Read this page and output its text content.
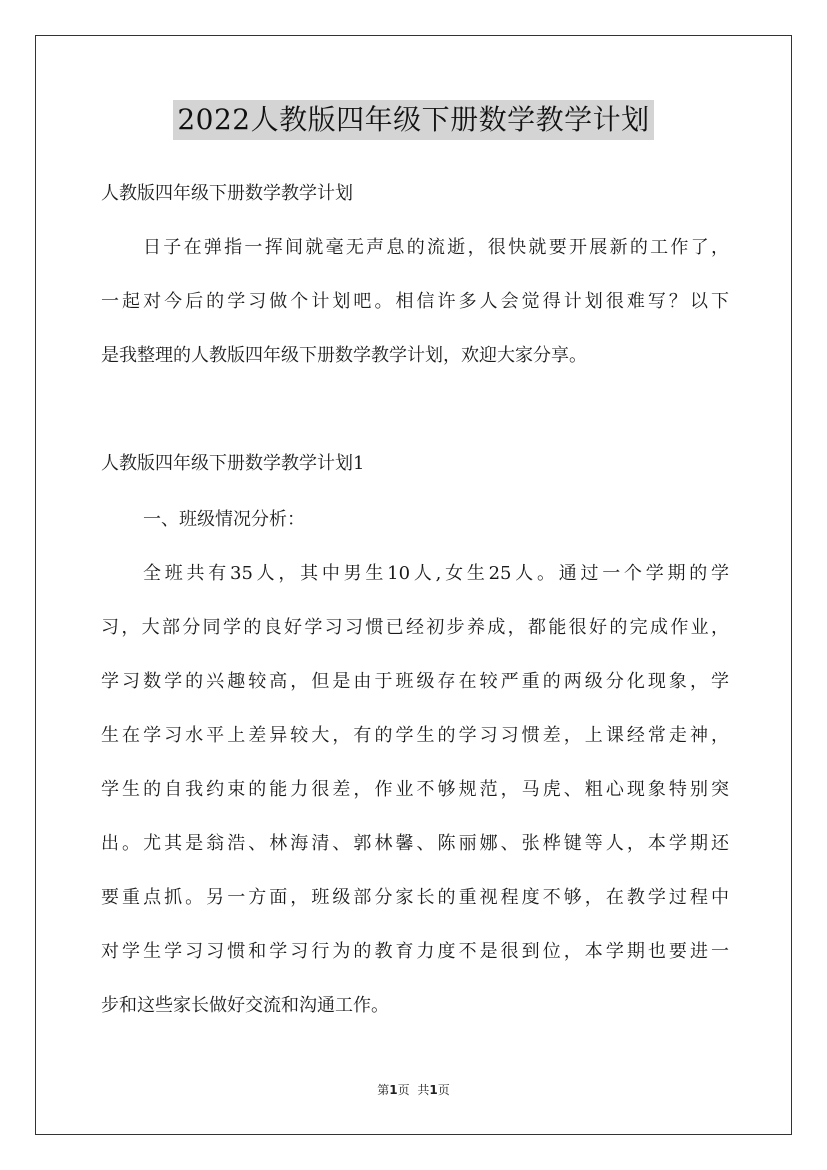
2022人教版四年级下册数学教学计划
人教版四年级下册数学教学计划
日子在弹指一挥间就毫无声息的流逝，很快就要开展新的工作了，
一起对今后的学习做个计划吧。相信许多人会觉得计划很难写？以下
是我整理的人教版四年级下册数学教学计划，欢迎大家分享。
人教版四年级下册数学教学计划1
一、班级情况分析：
全班共有35人，其中男生10人,女生25人。通过一个学期的学
习，大部分同学的良好学习习惯已经初步养成，都能很好的完成作业，
学习数学的兴趣较高，但是由于班级存在较严重的两级分化现象，学
生在学习水平上差异较大，有的学生的学习习惯差，上课经常走神，
学生的自我约束的能力很差，作业不够规范，马虎、粗心现象特别突
出。尤其是翁浩、林海清、郭林馨、陈丽娜、张桦键等人，本学期还
要重点抓。另一方面，班级部分家长的重视程度不够，在教学过程中
对学生学习习惯和学习行为的教育力度不是很到位，本学期也要进一
步和这些家长做好交流和沟通工作。
第1页 共1页
